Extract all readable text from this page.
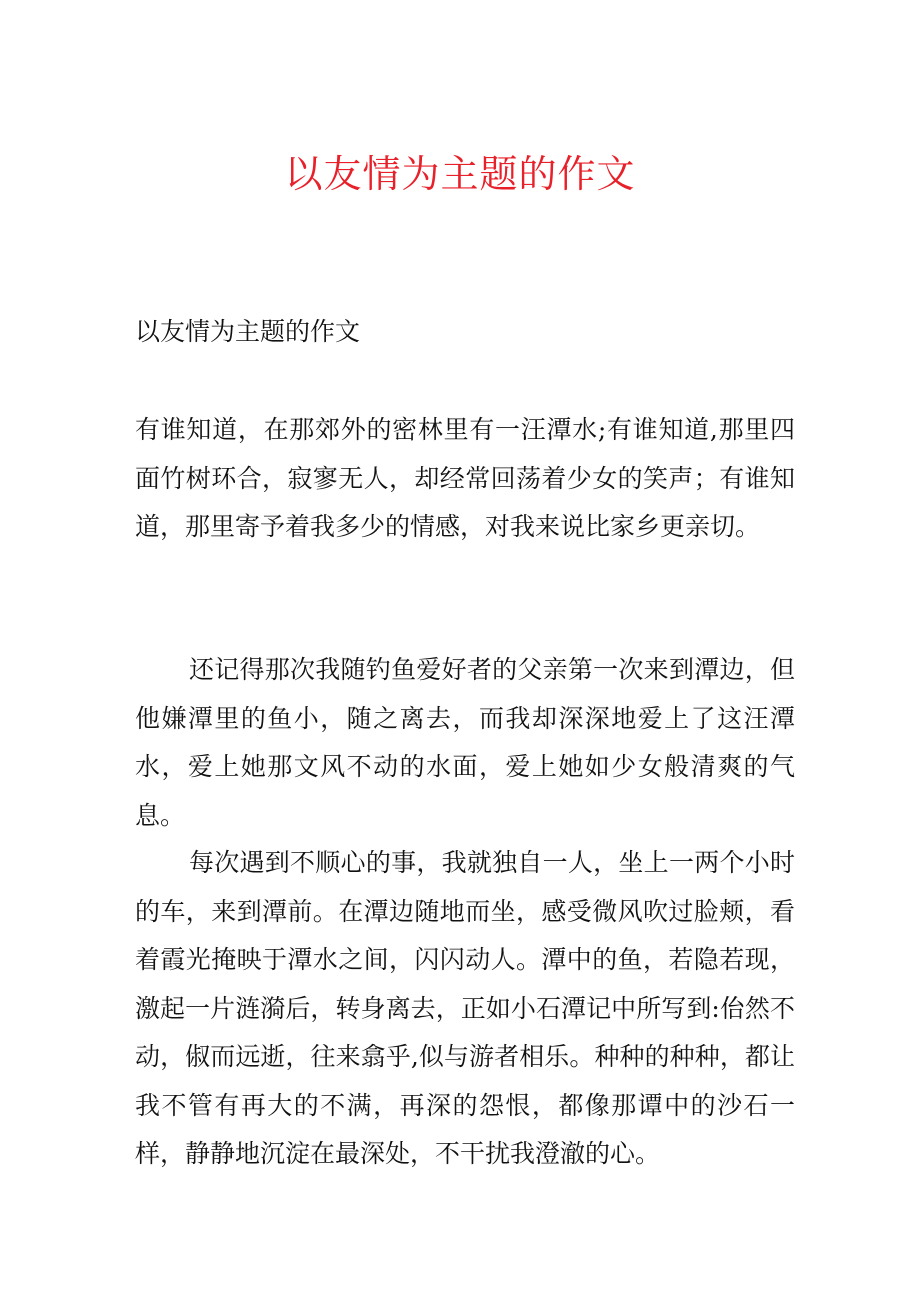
以友情为主题的作文

以友情为主题的作文

有谁知道，在那郊外的密林里有一汪潭水;有谁知道,那里四面竹树环合，寂寥无人，却经常回荡着少女的笑声；有谁知道，那里寄予着我多少的情感，对我来说比家乡更亲切。

还记得那次我随钓鱼爱好者的父亲第一次来到潭边，但他嫌潭里的鱼小，随之离去，而我却深深地爱上了这汪潭水，爱上她那文风不动的水面，爱上她如少女般清爽的气息。

每次遇到不顺心的事，我就独自一人，坐上一两个小时的车，来到潭前。在潭边随地而坐，感受微风吹过脸颊，看着霞光掩映于潭水之间，闪闪动人。潭中的鱼，若隐若现，激起一片涟漪后，转身离去，正如小石潭记中所写到:佁然不动，俶而远逝，往来翕乎,似与游者相乐。种种的种种，都让我不管有再大的不满，再深的怨恨，都像那谭中的沙石一样，静静地沉淀在最深处，不干扰我澄澈的心。
